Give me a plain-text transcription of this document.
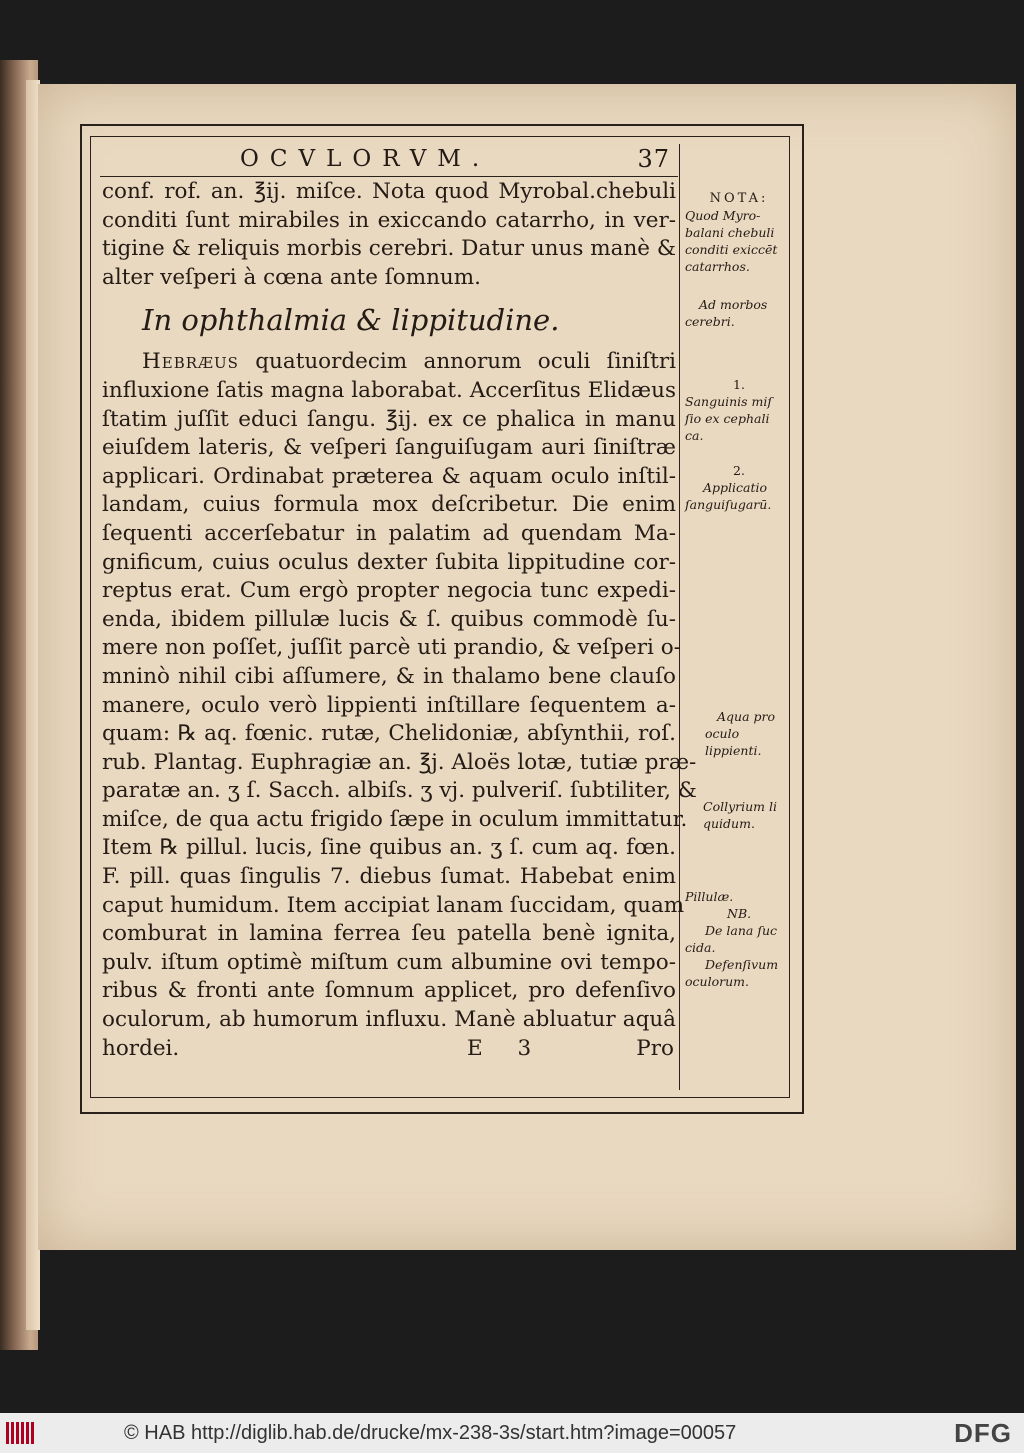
OCVLORVM.	37
conf. rof. an. ℥ij. miſce. Nota quod Myrobal.chebuli
conditi ſunt mirabiles in exiccando catarrho, in ver-
tigine & reliquis morbis cerebri. Datur unus manè &
alter veſperi à cœna ante ſomnum.
In ophthalmia & lippitudine.
Hebræus quatuordecim annorum oculi ſiniſtri
influxione ſatis magna laborabat. Accerſitus Elidæus
ſtatim juſſit educi ſangu. ℥ij. ex ce phalica in manu
eiuſdem lateris, & veſperi ſanguiſugam auri ſiniſtræ
applicari. Ordinabat præterea & aquam oculo inſtil-
landam, cuius formula mox deſcribetur. Die enim
ſequenti accerſebatur in palatim ad quendam Ma-
gnificum, cuius oculus dexter ſubita lippitudine cor-
reptus erat. Cum ergò propter negocia tunc expedi-
enda, ibidem pillulæ lucis & ſ. quibus commodè ſu-
mere non poſſet, juſſit parcè uti prandio, & veſperi o-
mninò nihil cibi aſſumere, & in thalamo bene clauſo
manere, oculo verò lippienti inſtillare ſequentem a-
quam: ℞ aq. fœnic. rutæ, Chelidoniæ, abſynthii, roſ.
rub. Plantag. Euphragiæ an. ℥j. Aloës lotæ, tutiæ præ-
paratæ an. ʒ ſ. Sacch. albiſs. ʒ vj. pulveriſ. ſubtiliter, &
miſce, de qua actu frigido ſæpe in oculum immittatur.
Item ℞ pillul. lucis, ſine quibus an. ʒ ſ. cum aq. fœn.
F. pill. quas ſingulis 7. diebus ſumat. Habebat enim
caput humidum. Item accipiat lanam ſuccidam, quam
comburat in lamina ferrea ſeu patella benè ignita,
pulv. iſtum optimè miſtum cum albumine ovi tempo-
ribus & fronti ante ſomnum applicet, pro defenſivo
oculorum, ab humorum influxu. Manè abluatur aquâ
hordei.	E 3	Pro
NOTA:
Quod Myro-
balani chebuli
conditi exiccēt
catarrhos.
Ad morbos
cerebri.
1.
Sanguinis miſ
ſio ex cephali
ca.
2.
Applicatio
ſanguiſugarū.
Aqua pro
oculo lippienti.
Collyrium li
quidum.
Pillulæ.
NB.
De lana ſuc
cida.
Defenſivum
oculorum.
© HAB http://diglib.hab.de/drucke/mx-238-3s/start.htm?image=00057	DFG
